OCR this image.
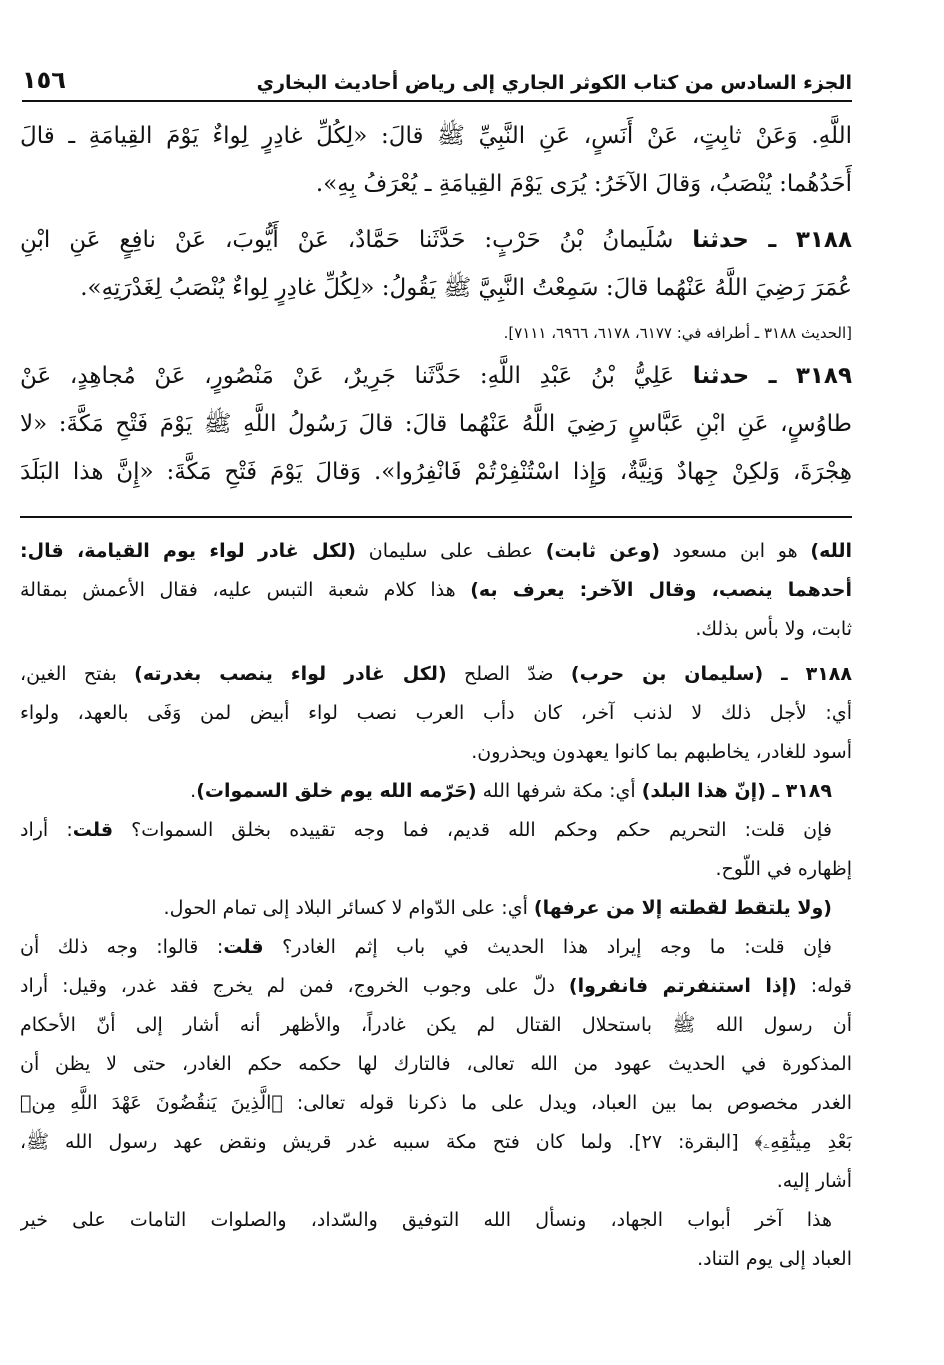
الجزء السادس من كتاب الكوثر الجاري إلى رياض أحاديث البخاري
١٥٦
اللَّهِ. وَعَنْ ثابِتٍ، عَنْ أَنَسٍ، عَنِ النَّبِيِّ ﷺ قالَ: «لِكُلِّ غادِرٍ لِواءٌ يَوْمَ القِيامَةِ ـ قالَ
أَحَدُهُما: يُنْصَبُ، وَقالَ الآخَرُ: يُرَى يَوْمَ القِيامَةِ ـ يُعْرَفُ بِهِ».
٣١٨٨ ـ حدثنا سُلَيمانُ بْنُ حَرْبٍ: حَدَّثَنا حَمَّادٌ، عَنْ أَيُّوبَ، عَنْ نافِعٍ عَنِ ابْنِ
عُمَرَ رَضِيَ اللَّهُ عَنْهُما قالَ: سَمِعْتُ النَّبِيَّ ﷺ يَقُولُ: «لِكُلِّ غادِرٍ لِواءٌ يُنْصَبُ لِغَدْرَتِهِ».
[الحديث ٣١٨٨ ـ أطرافه في: ٦١٧٧، ٦١٧٨، ٦٩٦٦، ٧١١١].
٣١٨٩ ـ حدثنا عَلِيُّ بْنُ عَبْدِ اللَّهِ: حَدَّثَنا جَرِيرٌ، عَنْ مَنْصُورٍ، عَنْ مُجاهِدٍ، عَنْ
طاوُسٍ، عَنِ ابْنِ عَبَّاسٍ رَضِيَ اللَّهُ عَنْهُما قالَ: قالَ رَسُولُ اللَّهِ ﷺ يَوْمَ فَتْحِ مَكَّةَ: «لا
هِجْرَةَ، وَلكِنْ جِهادٌ وَنِيَّةٌ، وَإِذا اسْتُنْفِرْتُمْ فَانْفِرُوا». وَقالَ يَوْمَ فَتْحِ مَكَّةَ: «إِنَّ هذا البَلَدَ
الله) هو ابن مسعود (وعن ثابت) عطف على سليمان (لكل غادر لواء يوم القيامة، قال:
أحدهما ينصب، وقال الآخر: يعرف به) هذا كلام شعبة التبس عليه، فقال الأعمش بمقالة
ثابت، ولا بأس بذلك.
٣١٨٨ ـ (سليمان بن حرب) ضدّ الصلح (لكل غادر لواء ينصب بغدرته) بفتح الغين،
أي: لأجل ذلك لا لذنب آخر، كان دأب العرب نصب لواء أبيض لمن وَفَى بالعهد، ولواء
أسود للغادر، يخاطبهم بما كانوا يعهدون ويحذرون.
٣١٨٩ ـ (إنّ هذا البلد) أي: مكة شرفها الله (حَرّمه الله يوم خلق السموات).
فإن قلت: التحريم حكم وحكم الله قديم، فما وجه تقييده بخلق السموات؟ قلت: أراد
إظهاره في اللّوح.
(ولا يلتقط لقطته إلا من عرفها) أي: على الدّوام لا كسائر البلاد إلى تمام الحول.
فإن قلت: ما وجه إيراد هذا الحديث في باب إثم الغادر؟ قلت: قالوا: وجه ذلك أن
قوله: (إذا استنفرتم فانفروا) دلّ على وجوب الخروج، فمن لم يخرج فقد غدر، وقيل: أراد
أن رسول الله ﷺ باستحلال القتال لم يكن غادراً، والأظهر أنه أشار إلى أنّ الأحكام
المذكورة في الحديث عهود من الله تعالى، فالتارك لها حكمه حكم الغادر، حتى لا يظن أن
الغدر مخصوص بما بين العباد، ويدل على ما ذكرنا قوله تعالى: ﴿الَّذِينَ يَنقُضُونَ عَهْدَ اللَّهِ مِنۢ
بَعْدِ مِيثَٰقِهِۦ﴾ [البقرة: ٢٧]. ولما كان فتح مكة سببه غدر قريش ونقض عهد رسول الله ﷺ،
أشار إليه.
هذا آخر أبواب الجهاد، ونسأل الله التوفيق والسّداد، والصلوات التامات على خير
العباد إلى يوم التناد.
